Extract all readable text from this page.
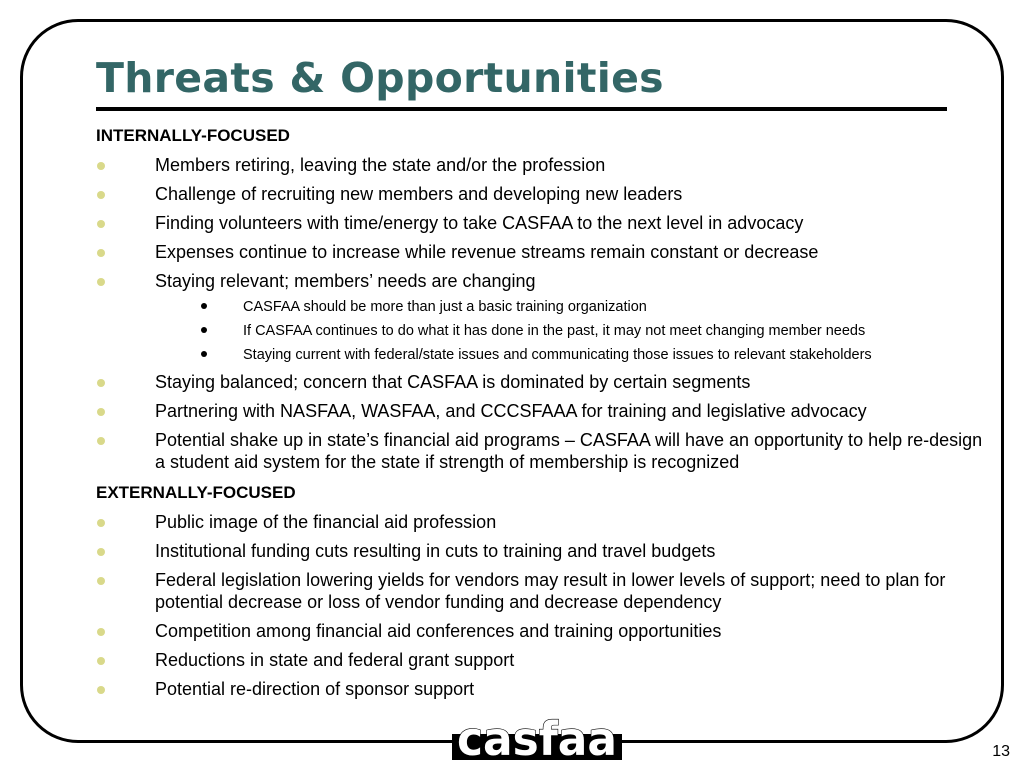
Threats & Opportunities
INTERNALLY-FOCUSED
Members retiring, leaving the state and/or the profession
Challenge of recruiting new members and developing new leaders
Finding volunteers with time/energy to take CASFAA to the next level in advocacy
Expenses continue to increase while revenue streams remain constant or decrease
Staying relevant; members’ needs are changing
CASFAA should be more than just a basic training organization
If CASFAA continues to do what it has done in the past, it may not meet changing member needs
Staying current with federal/state issues and communicating those issues to relevant stakeholders
Staying balanced; concern that CASFAA is dominated by certain segments
Partnering with NASFAA, WASFAA, and CCCSFAAA for training and legislative advocacy
Potential shake up in state’s financial aid programs – CASFAA will have an opportunity to help re-design a student aid system for the state if strength of membership is recognized
EXTERNALLY-FOCUSED
Public image of the financial aid profession
Institutional funding cuts resulting in cuts to training and travel budgets
Federal legislation lowering yields for vendors may result in lower levels of support; need to plan for potential decrease or loss of vendor funding and decrease dependency
Competition among financial aid conferences and training opportunities
Reductions in state and federal grant support
Potential re-direction of sponsor support
casfaa	13
